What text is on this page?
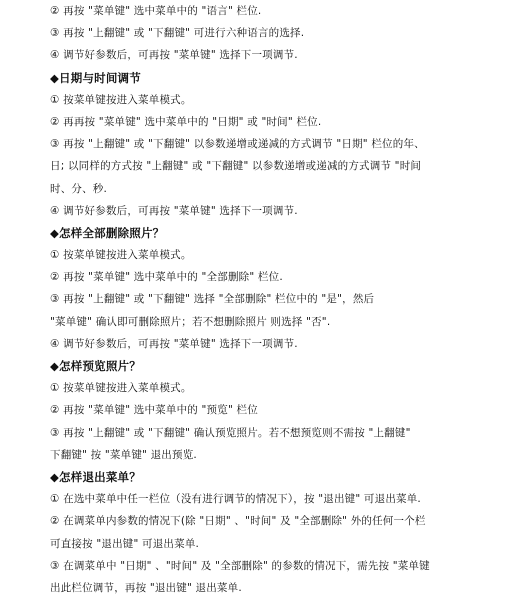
② 再按 "菜单键" 选中菜单中的 "语言" 栏位.
③ 再按 "上翻键" 或 "下翻键" 可进行六种语言的选择.
④ 调节好参数后，可再按 "菜单键" 选择下一项调节.
◆日期与时间调节
① 按菜单键按进入菜单模式。
② 再再按 "菜单键" 选中菜单中的 "日期" 或 "时间" 栏位.
③ 再按 "上翻键" 或 "下翻键" 以参数递增或递减的方式调节 "日期" 栏位的年、
日; 以同样的方式按 "上翻键" 或 "下翻键" 以参数递增或递减的方式调节 "时间
时、分、秒.
④ 调节好参数后，可再按 "菜单键" 选择下一项调节.
◆怎样全部删除照片？
① 按菜单键按进入菜单模式。
② 再按 "菜单键" 选中菜单中的 "全部删除" 栏位.
③ 再按 "上翻键" 或 "下翻键" 选择 "全部删除" 栏位中的 "是"，然后
"菜单键" 确认即可删除照片；若不想删除照片 则选择 "否".
④ 调节好参数后，可再按 "菜单键" 选择下一项调节.
◆怎样预览照片？
① 按菜单键按进入菜单模式。
② 再按 "菜单键" 选中菜单中的 "预览" 栏位
③ 再按 "上翻键" 或 "下翻键" 确认预览照片。若不想预览则不需按 "上翻键"
下翻键" 按 "菜单键" 退出预览.
◆怎样退出菜单？
① 在选中菜单中任一栏位（没有进行调节的情况下），按 "退出键" 可退出菜单.
② 在调菜单内参数的情况下(除 "日期" 、"时间" 及 "全部删除" 外的任何一个栏
可直接按 "退出键" 可退出菜单.
③ 在调菜单中 "日期" 、"时间" 及 "全部删除" 的参数的情况下，需先按 "菜单键
出此栏位调节，再按 "退出键" 退出菜单.
